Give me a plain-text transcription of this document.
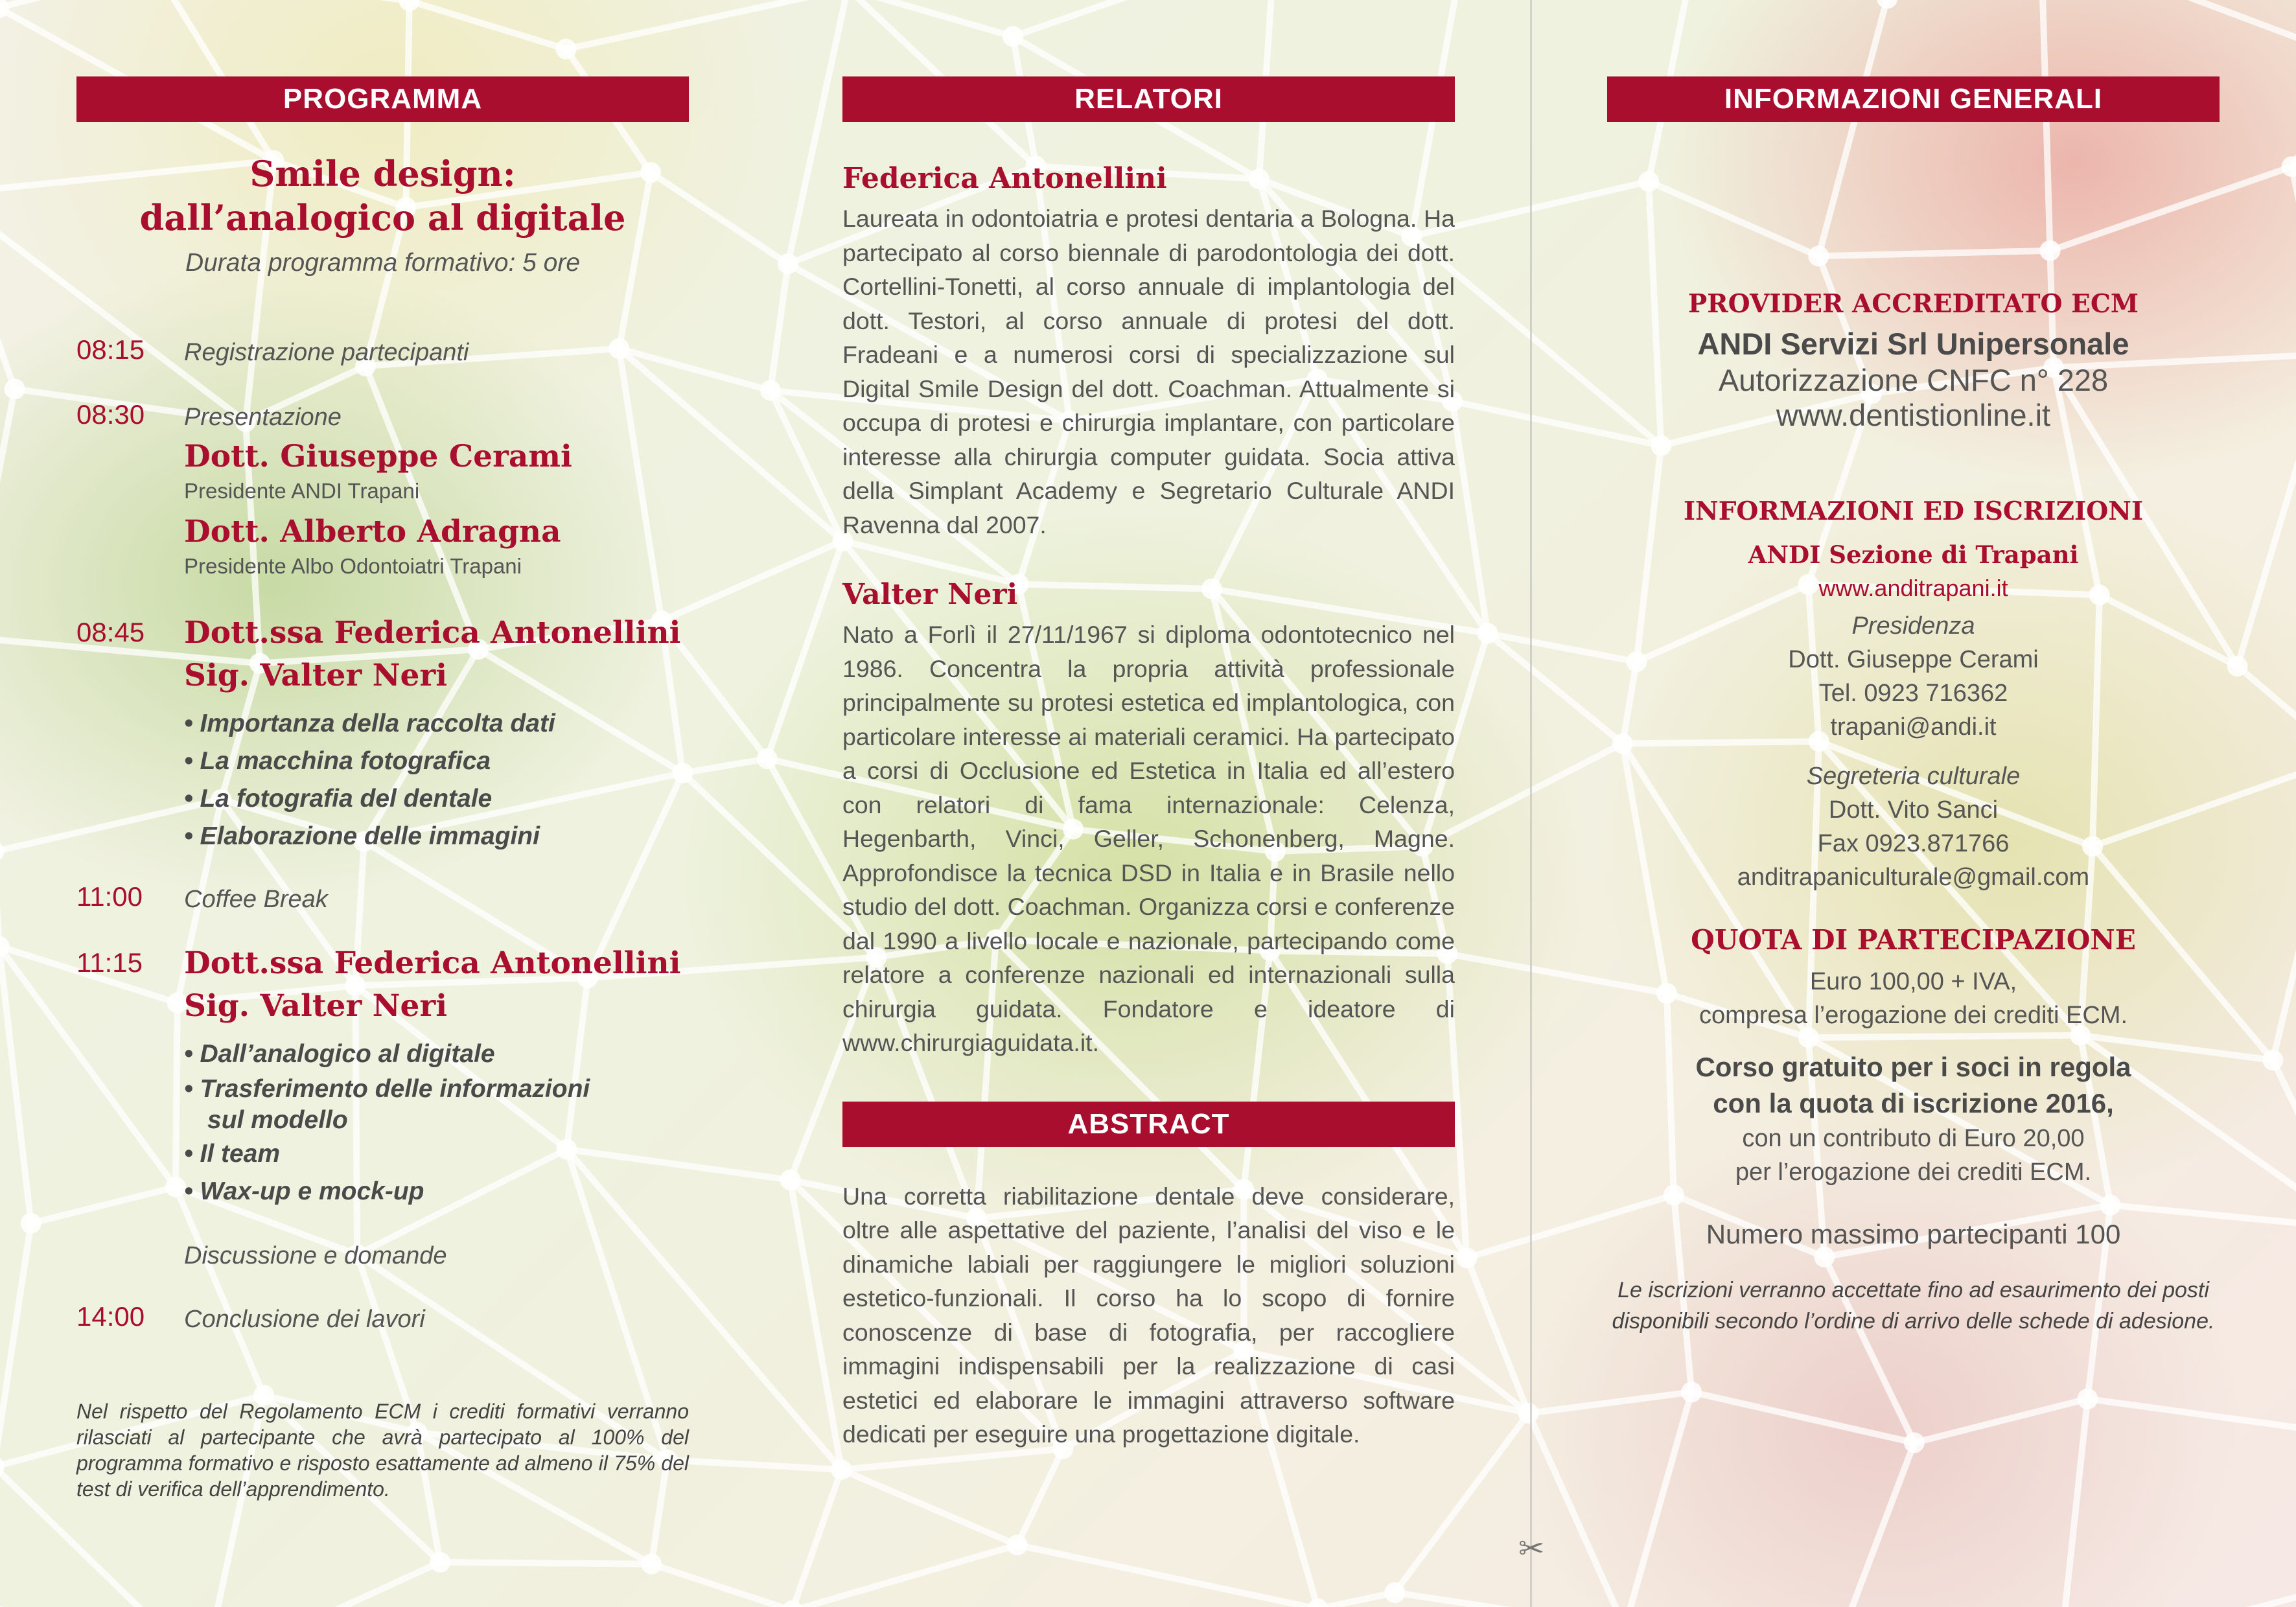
✂
PROGRAMMA
Smile design:
dall’analogico al digitale
Durata programma formativo: 5 ore
08:15 Registrazione partecipanti
08:30 Presentazione
Dott. Giuseppe Cerami
Presidente ANDI Trapani
Dott. Alberto Adragna
Presidente Albo Odontoiatri Trapani
08:45 Dott.ssa Federica Antonellini
Sig. Valter Neri
• Importanza della raccolta dati
• La macchina fotografica
• La fotografia del dentale
• Elaborazione delle immagini
11:00 Coffee Break
11:15 Dott.ssa Federica Antonellini
Sig. Valter Neri
• Dall’analogico al digitale
• Trasferimento delle informazioni
sul modello
• Il team
• Wax-up e mock-up
Discussione e domande
14:00 Conclusione dei lavori
Nel rispetto del Regolamento ECM i crediti formativi verranno rilasciati al partecipante che avrà partecipato al 100% del programma formativo e risposto esattamente ad almeno il 75% del test di verifica dell’apprendimento.
RELATORI
Federica Antonellini
Laureata in odontoiatria e protesi dentaria a Bologna. Ha partecipato al corso biennale di parodontologia dei dott. Cortellini-Tonetti, al corso annuale di implantologia del dott. Testori, al corso annuale di protesi del dott. Fradeani e a numerosi corsi di specializzazione sul Digital Smile Design del dott. Coachman. Attualmente si occupa di protesi e chirurgia implantare, con particolare interesse alla chirurgia computer guidata. Socia attiva della Simplant Academy e Segretario Culturale ANDI Ravenna dal 2007.
Valter Neri
Nato a Forlì il 27/11/1967 si diploma odontotecnico nel 1986. Concentra la propria attività professionale principalmente su protesi estetica ed implantologica, con particolare interesse ai materiali ceramici. Ha partecipato a corsi di Occlusione ed Estetica in Italia ed all’estero con relatori di fama internazionale: Celenza, Hegenbarth, Vinci, Geller, Schonenberg, Magne. Approfondisce la tecnica DSD in Italia e in Brasile nello studio del dott. Coachman. Organizza corsi e conferenze dal 1990 a livello locale e nazionale, partecipando come relatore a conferenze nazionali ed internazionali sulla chirurgia guidata. Fondatore e ideatore di www.chirurgiaguidata.it.
ABSTRACT
Una corretta riabilitazione dentale deve considerare, oltre alle aspettative del paziente, l’analisi del viso e le dinamiche labiali per raggiungere le migliori soluzioni estetico-funzionali. Il corso ha lo scopo di fornire conoscenze di base di fotografia, per raccogliere immagini indispensabili per la realizzazione di casi estetici ed elaborare le immagini attraverso software dedicati per eseguire una progettazione digitale.
INFORMAZIONI GENERALI
PROVIDER ACCREDITATO ECM
ANDI Servizi Srl Unipersonale
Autorizzazione CNFC n° 228
www.dentistionline.it
INFORMAZIONI ED ISCRIZIONI
ANDI Sezione di Trapani
www.anditrapani.it
Presidenza
Dott. Giuseppe Cerami
Tel. 0923 716362
trapani@andi.it
Segreteria culturale
Dott. Vito Sanci
Fax 0923.871766
anditrapaniculturale@gmail.com
QUOTA DI PARTECIPAZIONE
Euro 100,00 + IVA,
compresa l’erogazione dei crediti ECM.
Corso gratuito per i soci in regola
con la quota di iscrizione 2016,
con un contributo di Euro 20,00
per l’erogazione dei crediti ECM.
Numero massimo partecipanti 100
Le iscrizioni verranno accettate fino ad esaurimento dei posti disponibili secondo l’ordine di arrivo delle schede di adesione.
